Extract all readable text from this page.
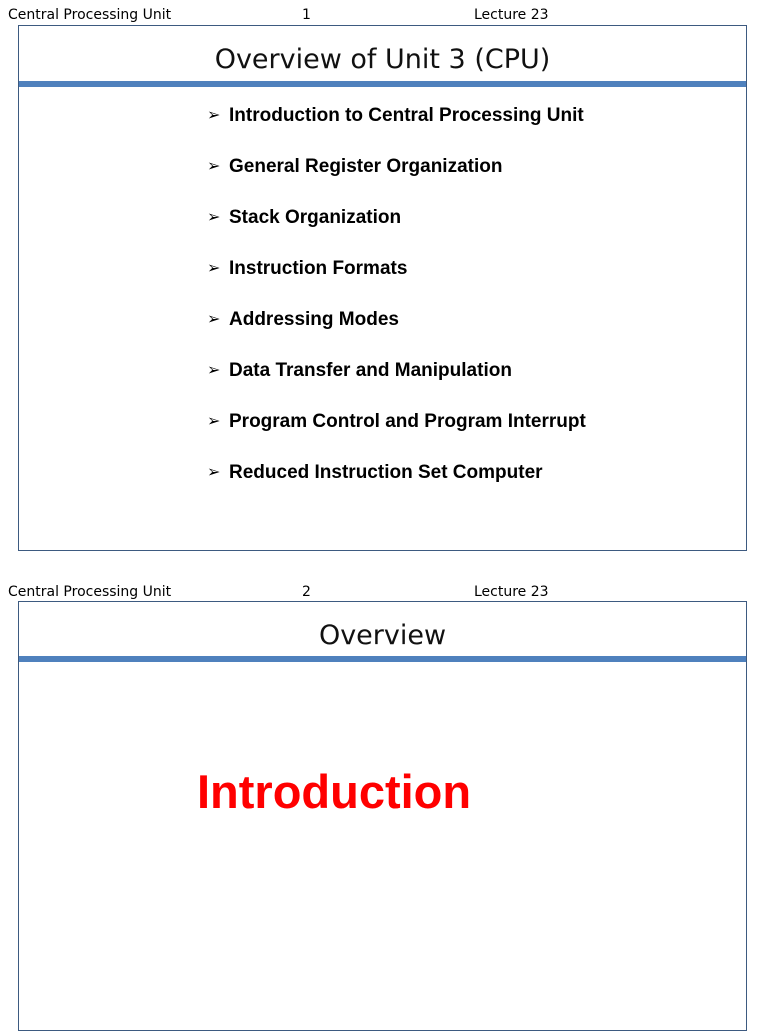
Central Processing Unit	1	Lecture 23
Overview of Unit 3 (CPU)
➢ Introduction to Central Processing Unit
➢ General Register Organization
➢ Stack Organization
➢ Instruction Formats
➢ Addressing Modes
➢ Data Transfer and Manipulation
➢ Program Control and Program Interrupt
➢ Reduced Instruction Set Computer
Central Processing Unit	2	Lecture 23
Overview
Introduction
